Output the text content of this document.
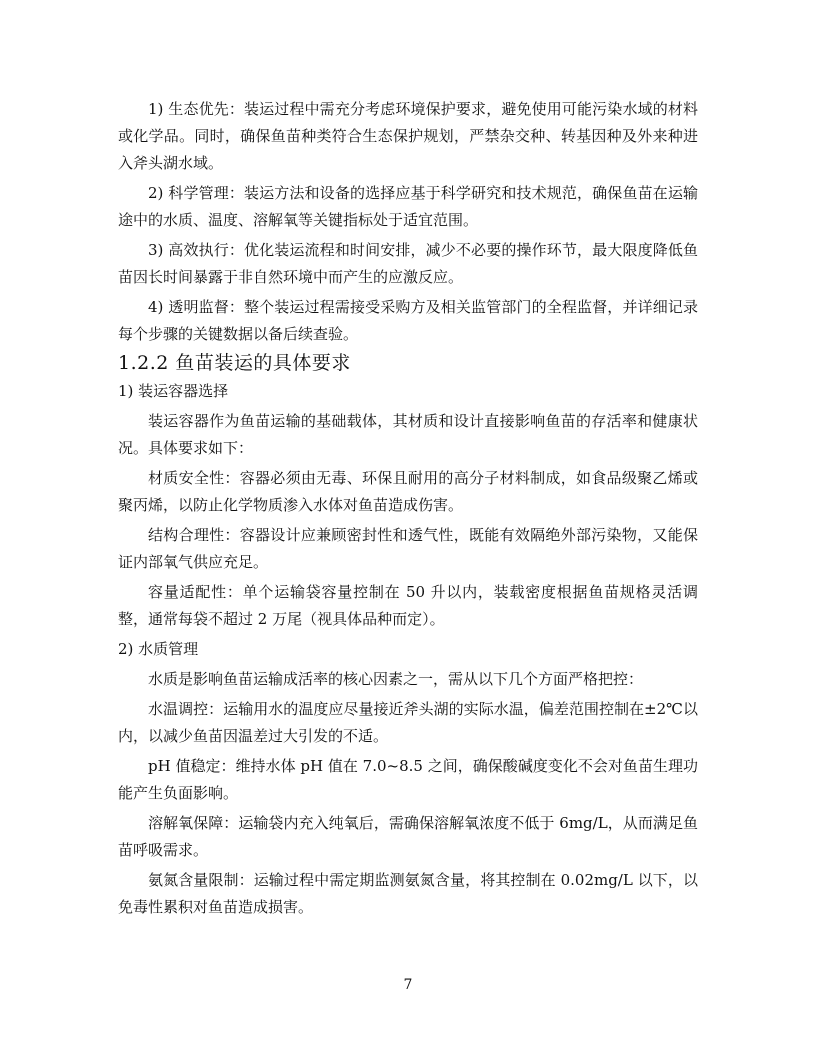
1) 生态优先：装运过程中需充分考虑环境保护要求，避免使用可能污染水域的材料或化学品。同时，确保鱼苗种类符合生态保护规划，严禁杂交种、转基因种及外来种进入斧头湖水域。

2) 科学管理：装运方法和设备的选择应基于科学研究和技术规范，确保鱼苗在运输途中的水质、温度、溶解氧等关键指标处于适宜范围。

3) 高效执行：优化装运流程和时间安排，减少不必要的操作环节，最大限度降低鱼苗因长时间暴露于非自然环境中而产生的应激反应。

4) 透明监督：整个装运过程需接受采购方及相关监管部门的全程监督，并详细记录每个步骤的关键数据以备后续查验。

1.2.2 鱼苗装运的具体要求

1) 装运容器选择

装运容器作为鱼苗运输的基础载体，其材质和设计直接影响鱼苗的存活率和健康状况。具体要求如下：

材质安全性：容器必须由无毒、环保且耐用的高分子材料制成，如食品级聚乙烯或聚丙烯，以防止化学物质渗入水体对鱼苗造成伤害。

结构合理性：容器设计应兼顾密封性和透气性，既能有效隔绝外部污染物，又能保证内部氧气供应充足。

容量适配性：单个运输袋容量控制在 50 升以内，装载密度根据鱼苗规格灵活调整，通常每袋不超过 2 万尾（视具体品种而定）。

2) 水质管理

水质是影响鱼苗运输成活率的核心因素之一，需从以下几个方面严格把控：

水温调控：运输用水的温度应尽量接近斧头湖的实际水温，偏差范围控制在±2℃以内，以减少鱼苗因温差过大引发的不适。

pH 值稳定：维持水体 pH 值在 7.0~8.5 之间，确保酸碱度变化不会对鱼苗生理功能产生负面影响。

溶解氧保障：运输袋内充入纯氧后，需确保溶解氧浓度不低于 6mg/L，从而满足鱼苗呼吸需求。

氨氮含量限制：运输过程中需定期监测氨氮含量，将其控制在 0.02mg/L 以下，以免毒性累积对鱼苗造成损害。

7
